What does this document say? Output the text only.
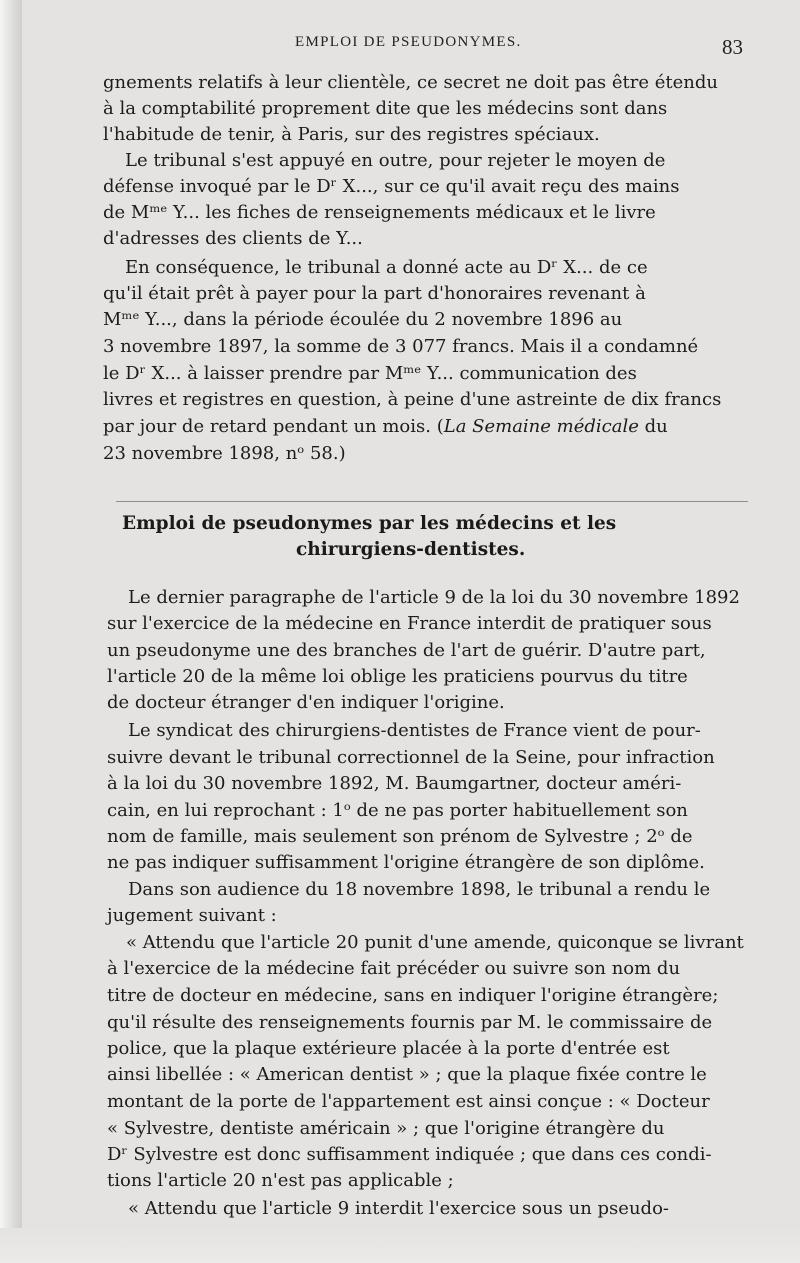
EMPLOI DE PSEUDONYMES.	83
gnements relatifs à leur clientèle, ce secret ne doit pas être étendu
à la comptabilité proprement dite que les médecins sont dans
l'habitude de tenir, à Paris, sur des registres spéciaux.
Le tribunal s'est appuyé en outre, pour rejeter le moyen de
défense invoqué par le Dʳ X..., sur ce qu'il avait reçu des mains
de Mᵐᵉ Y... les fiches de renseignements médicaux et le livre
d'adresses des clients de Y...
En conséquence, le tribunal a donné acte au Dʳ X... de ce
qu'il était prêt à payer pour la part d'honoraires revenant à
Mᵐᵉ Y..., dans la période écoulée du 2 novembre 1896 au
3 novembre 1897, la somme de 3 077 francs. Mais il a condamné
le Dʳ X... à laisser prendre par Mᵐᵉ Y... communication des
livres et registres en question, à peine d'une astreinte de dix francs
par jour de retard pendant un mois. (La Semaine médicale du
23 novembre 1898, nᵒ 58.)
Emploi de pseudonymes par les médecins et les
chirurgiens-dentistes.
Le dernier paragraphe de l'article 9 de la loi du 30 novembre 1892
sur l'exercice de la médecine en France interdit de pratiquer sous
un pseudonyme une des branches de l'art de guérir. D'autre part,
l'article 20 de la même loi oblige les praticiens pourvus du titre
de docteur étranger d'en indiquer l'origine.
Le syndicat des chirurgiens-dentistes de France vient de pour-
suivre devant le tribunal correctionnel de la Seine, pour infraction
à la loi du 30 novembre 1892, M. Baumgartner, docteur améri-
cain, en lui reprochant : 1ᵒ de ne pas porter habituellement son
nom de famille, mais seulement son prénom de Sylvestre ; 2ᵒ de
ne pas indiquer suffisamment l'origine étrangère de son diplôme.
Dans son audience du 18 novembre 1898, le tribunal a rendu le
jugement suivant :
« Attendu que l'article 20 punit d'une amende, quiconque se livrant
à l'exercice de la médecine fait précéder ou suivre son nom du
titre de docteur en médecine, sans en indiquer l'origine étrangère;
qu'il résulte des renseignements fournis par M. le commissaire de
police, que la plaque extérieure placée à la porte d'entrée est
ainsi libellée : « American dentist » ; que la plaque fixée contre le
montant de la porte de l'appartement est ainsi conçue : « Docteur
« Sylvestre, dentiste américain » ; que l'origine étrangère du
Dʳ Sylvestre est donc suffisamment indiquée ; que dans ces condi-
tions l'article 20 n'est pas applicable ;
« Attendu que l'article 9 interdit l'exercice sous un pseudo-
